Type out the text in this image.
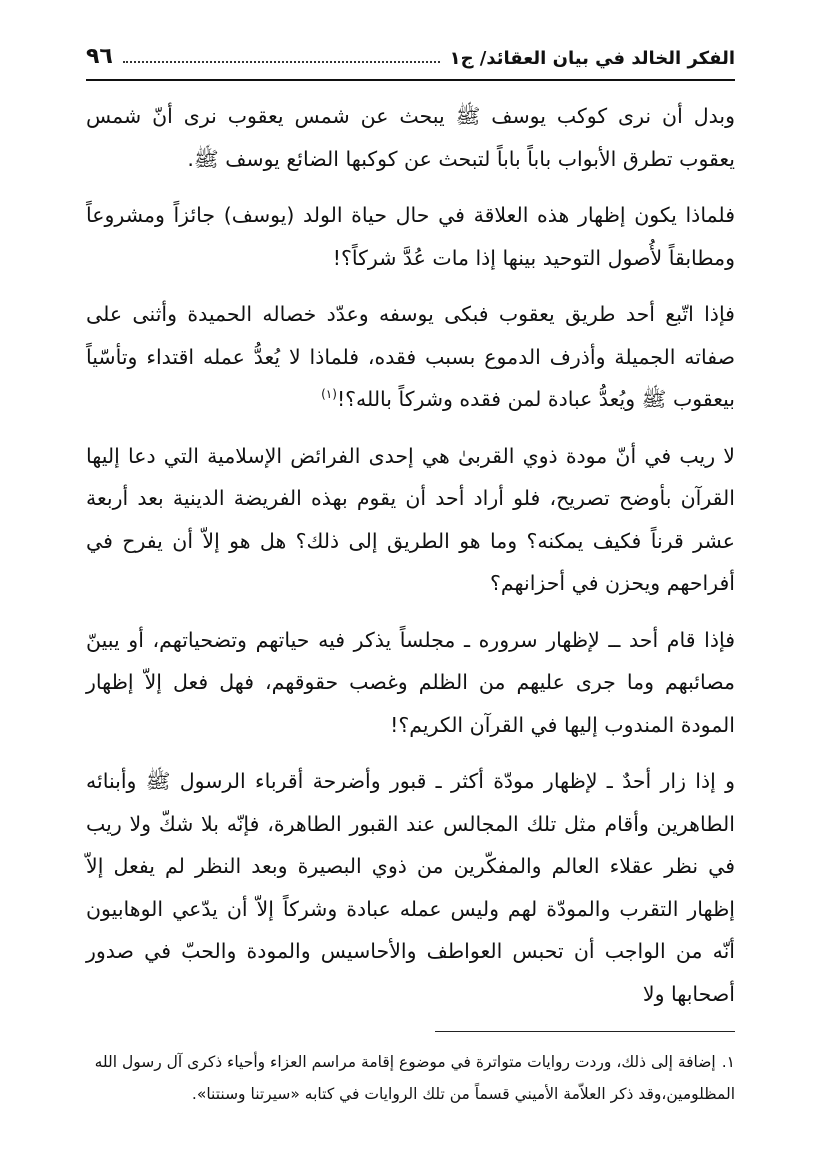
الفكر الخالد في بيان العقائد/ ج١
٩٦

وبدل أن نرى كوكب يوسف ﷺ يبحث عن شمس يعقوب نرى أنّ شمس يعقوب تطرق الأبواب باباً باباً لتبحث عن كوكبها الضائع يوسف ﷺ.

فلماذا يكون إظهار هذه العلاقة في حال حياة الولد (يوسف) جائزاً ومشروعاً ومطابقاً لأُصول التوحيد بينها إذا مات عُدَّ شركاً؟!

فإذا اتّبع أحد طريق يعقوب فبكى يوسفه وعدّد خصاله الحميدة وأثنى على صفاته الجميلة وأذرف الدموع بسبب فقده، فلماذا لا يُعدُّ عمله اقتداء وتأسّياً بيعقوب ﷺ ويُعدُّ عبادة لمن فقده وشركاً بالله؟!$^{(١)}$

لا ريب في أنّ مودة ذوي القربىٰ هي إحدى الفرائض الإسلامية التي دعا إليها القرآن بأوضح تصريح، فلو أراد أحد أن يقوم بهذه الفريضة الدينية بعد أربعة عشر قرناً فكيف يمكنه؟ وما هو الطريق إلى ذلك؟ هل هو إلاّ أن يفرح في أفراحهم ويحزن في أحزانهم؟

فإذا قام أحد ــ لإظهار سروره ـ مجلساً يذكر فيه حياتهم وتضحياتهم، أو يبينّ مصائبهم وما جرى عليهم من الظلم وغصب حقوقهم، فهل فعل إلاّ إظهار المودة المندوب إليها في القرآن الكريم؟!

و إذا زار أحدٌ ـ لإظهار مودّة أكثر ـ قبور وأضرحة أقرباء الرسول ﷺ وأبنائه الطاهرين وأقام مثل تلك المجالس عند القبور الطاهرة، فإنّه بلا شكّ ولا ريب في نظر عقلاء العالم والمفكّرين من ذوي البصيرة وبعد النظر لم يفعل إلاّ إظهار التقرب والمودّة لهم وليس عمله عبادة وشركاً إلاّ أن يدّعي الوهابيون أنّه من الواجب أن تحبس العواطف والأحاسيس والمودة والحبّ في صدور أصحابها ولا

١.إضافة إلى ذلك، وردت روايات متواترة في موضوع إقامة مراسم العزاء وأحياء ذكرى آل رسول الله المظلومين،وقد ذكر العلاّمة الأميني قسماً من تلك الروايات في كتابه «سيرتنا وسنتنا».
